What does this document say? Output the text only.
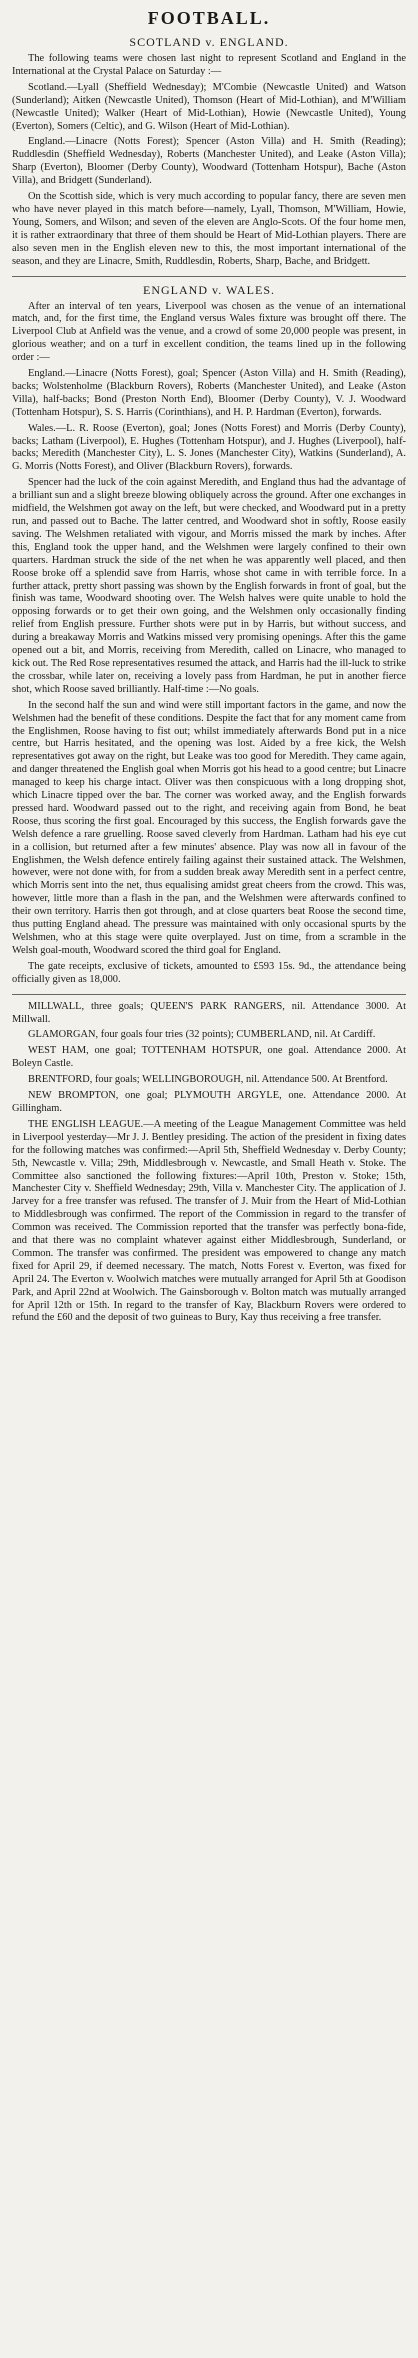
FOOTBALL.
SCOTLAND v. ENGLAND.

The following teams were chosen last night to represent Scotland and England in the International at the Crystal Palace on Saturday :—

Scotland.—Lyall (Sheffield Wednesday); M'Combie (Newcastle United) and Watson (Sunderland); Aitken (Newcastle United), Thomson (Heart of Mid-Lothian), and M'William (Newcastle United); Walker (Heart of Mid-Lothian), Howie (Newcastle United), Young (Everton), Somers (Celtic), and G. Wilson (Heart of Mid-Lothian).

England.—Linacre (Notts Forest); Spencer (Aston Villa) and H. Smith (Reading); Ruddlesdin (Sheffield Wednesday), Roberts (Manchester United), and Leake (Aston Villa); Sharp (Everton), Bloomer (Derby County), Woodward (Tottenham Hotspur), Bache (Aston Villa), and Bridgett (Sunderland).

On the Scottish side, which is very much according to popular fancy, there are seven men who have never played in this match before—namely, Lyall, Thomson, M'William, Howie, Young, Somers, and Wilson; and seven of the eleven are Anglo-Scots. Of the four home men, it is rather extraordinary that three of them should be Heart of Mid-Lothian players. There are also seven men in the English eleven new to this, the most important international of the season, and they are Linacre, Smith, Ruddlesdin, Roberts, Sharp, Bache, and Bridgett.

ENGLAND v. WALES.

After an interval of ten years, Liverpool was chosen as the venue of an international match, and, for the first time, the England versus Wales fixture was brought off there. The Liverpool Club at Anfield was the venue, and a crowd of some 20,000 people was present, in glorious weather; and on a turf in excellent condition, the teams lined up in the following order :—

England.—Linacre (Notts Forest), goal; Spencer (Aston Villa) and H. Smith (Reading), backs; Wolstenholme (Blackburn Rovers), Roberts (Manchester United), and Leake (Aston Villa), half-backs; Bond (Preston North End), Bloomer (Derby County), V. J. Woodward (Tottenham Hotspur), S. S. Harris (Corinthians), and H. P. Hardman (Everton), forwards.

Wales.—L. R. Roose (Everton), goal; Jones (Notts Forest) and Morris (Derby County), backs; Latham (Liverpool), E. Hughes (Tottenham Hotspur), and J. Hughes (Liverpool), half-backs; Meredith (Manchester City), L. S. Jones (Manchester City), Watkins (Sunderland), A. G. Morris (Notts Forest), and Oliver (Blackburn Rovers), forwards.

Spencer had the luck of the coin against Meredith, and England thus had the advantage of a brilliant sun and a slight breeze blowing obliquely across the ground. After one exchanges in midfield, the Welshmen got away on the left, but were checked, and Woodward put in a pretty run, and passed out to Bache. The latter centred, and Woodward shot in softly, Roose easily saving. The Welshmen retaliated with vigour, and Morris missed the mark by inches. After this, England took the upper hand, and the Welshmen were largely confined to their own quarters. Hardman struck the side of the net when he was apparently well placed, and then Roose broke off a splendid save from Harris, whose shot came in with terrible force. In a further attack, pretty short passing was shown by the English forwards in front of goal, but the finish was tame, Woodward shooting over. The Welsh halves were quite unable to hold the opposing forwards or to get their own going, and the Welshmen only occasionally finding relief from English pressure. Further shots were put in by Harris, but without success, and during a breakaway Morris and Watkins missed very promising openings. After this the game opened out a bit, and Morris, receiving from Meredith, called on Linacre, who managed to kick out. The Red Rose representatives resumed the attack, and Harris had the ill-luck to strike the crossbar, while later on, receiving a lovely pass from Hardman, he put in another fierce shot, which Roose saved brilliantly. Half-time :—No goals.

In the second half the sun and wind were still important factors in the game, and now the Welshmen had the benefit of these conditions. Despite the fact that for any moment came from the Englishmen, Roose having to fist out; whilst immediately afterwards Bond put in a nice centre, but Harris hesitated, and the opening was lost. Aided by a free kick, the Welsh representatives got away on the right, but Leake was too good for Meredith. They came again, and danger threatened the English goal when Morris got his head to a good centre; but Linacre managed to keep his charge intact. Oliver was then conspicuous with a long dropping shot, which Linacre tipped over the bar. The corner was worked away, and the English forwards pressed hard. Woodward passed out to the right, and receiving again from Bond, he beat Roose, thus scoring the first goal. Encouraged by this success, the English forwards gave the Welsh defence a rare gruelling. Roose saved cleverly from Hardman. Latham had his eye cut in a collision, but returned after a few minutes' absence. Play was now all in favour of the Englishmen, the Welsh defence entirely failing against their sustained attack. The Welshmen, however, were not done with, for from a sudden break away Meredith sent in a perfect centre, which Morris sent into the net, thus equalising amidst great cheers from the crowd. This was, however, little more than a flash in the pan, and the Welshmen were afterwards confined to their own territory. Harris then got through, and at close quarters beat Roose the second time, thus putting England ahead. The pressure was maintained with only occasional spurts by the Welshmen, who at this stage were quite overplayed. Just on time, from a scramble in the Welsh goal-mouth, Woodward scored the third goal for England.

The gate receipts, exclusive of tickets, amounted to £593 15s. 9d., the attendance being officially given as 18,000.

MILLWALL, three goals; QUEEN'S PARK RANGERS, nil. Attendance 3000. At Millwall.

GLAMORGAN, four goals four tries (32 points); CUMBERLAND, nil. At Cardiff.

WEST HAM, one goal; TOTTENHAM HOTSPUR, one goal. Attendance 2000. At Boleyn Castle.

BRENTFORD, four goals; WELLINGBOROUGH, nil. Attendance 500. At Brentford.

NEW BROMPTON, one goal; PLYMOUTH ARGYLE, one. Attendance 2000. At Gillingham.

THE ENGLISH LEAGUE.—A meeting of the League Management Committee was held in Liverpool yesterday—Mr J. J. Bentley presiding. The action of the president in fixing dates for the following matches was confirmed:—April 5th, Sheffield Wednesday v. Derby County; 5th, Newcastle v. Villa; 29th, Middlesbrough v. Newcastle, and Small Heath v. Stoke. The Committee also sanctioned the following fixtures:—April 10th, Preston v. Stoke; 15th, Manchester City v. Sheffield Wednesday; 29th, Villa v. Manchester City. The application of J. Jarvey for a free transfer was refused. The transfer of J. Muir from the Heart of Mid-Lothian to Middlesbrough was confirmed. The report of the Commission in regard to the transfer of Common was received. The Commission reported that the transfer was perfectly bona-fide, and that there was no complaint whatever against either Middlesbrough, Sunderland, or Common. The transfer was confirmed. The president was empowered to change any match fixed for April 29, if deemed necessary. The match, Notts Forest v. Everton, was fixed for April 24. The Everton v. Woolwich matches were mutually arranged for April 5th at Goodison Park, and April 22nd at Woolwich. The Gainsborough v. Bolton match was mutually arranged for April 12th or 15th. In regard to the transfer of Kay, Blackburn Rovers were ordered to refund the £60 and the deposit of two guineas to Bury, Kay thus receiving a free transfer.
